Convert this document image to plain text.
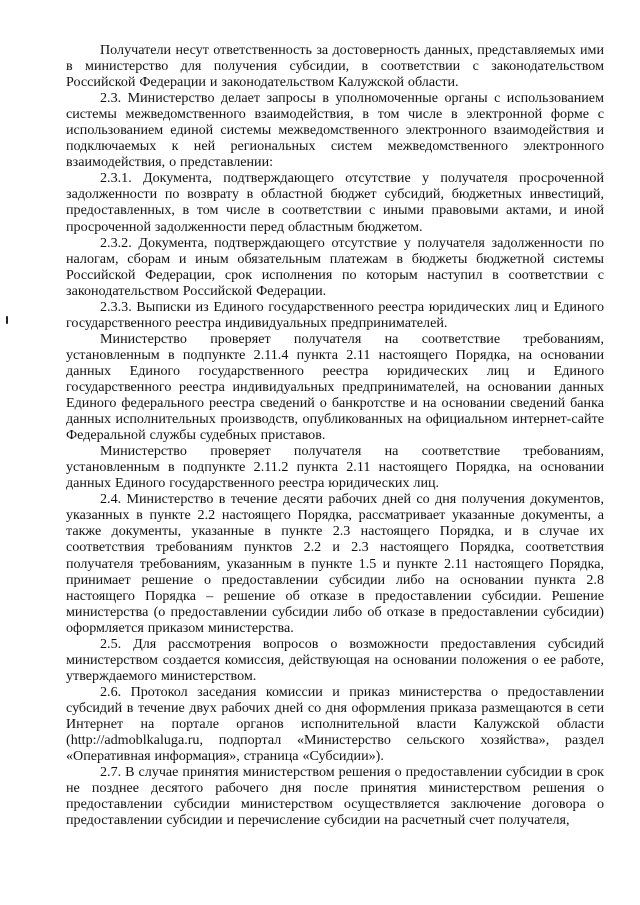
Получатели несут ответственность за достоверность данных, представляемых ими в министерство для получения субсидии, в соответствии с законодательством Российской Федерации и законодательством Калужской области.

2.3. Министерство делает запросы в уполномоченные органы с использованием системы межведомственного взаимодействия, в том числе в электронной форме с использованием единой системы межведомственного электронного взаимодействия и подключаемых к ней региональных систем межведомственного электронного взаимодействия, о представлении:

2.3.1. Документа, подтверждающего отсутствие у получателя просроченной задолженности по возврату в областной бюджет субсидий, бюджетных инвестиций, предоставленных, в том числе в соответствии с иными правовыми актами, и иной просроченной задолженности перед областным бюджетом.

2.3.2. Документа, подтверждающего отсутствие у получателя задолженности по налогам, сборам и иным обязательным платежам в бюджеты бюджетной системы Российской Федерации, срок исполнения по которым наступил в соответствии с законодательством Российской Федерации.

2.3.3. Выписки из Единого государственного реестра юридических лиц и Единого государственного реестра индивидуальных предпринимателей.

Министерство проверяет получателя на соответствие требованиям, установленным в подпункте 2.11.4 пункта 2.11 настоящего Порядка, на основании данных Единого государственного реестра юридических лиц и Единого государственного реестра индивидуальных предпринимателей, на основании данных Единого федерального реестра сведений о банкротстве и на основании сведений банка данных исполнительных производств, опубликованных на официальном интернет-сайте Федеральной службы судебных приставов.

Министерство проверяет получателя на соответствие требованиям, установленным в подпункте 2.11.2 пункта 2.11 настоящего Порядка, на основании данных Единого государственного реестра юридических лиц.

2.4. Министерство в течение десяти рабочих дней со дня получения документов, указанных в пункте 2.2 настоящего Порядка, рассматривает указанные документы, а также документы, указанные в пункте 2.3 настоящего Порядка, и в случае их соответствия требованиям пунктов 2.2 и 2.3 настоящего Порядка, соответствия получателя требованиям, указанным в пункте 1.5 и пункте 2.11 настоящего Порядка, принимает решение о предоставлении субсидии либо на основании пункта 2.8 настоящего Порядка – решение об отказе в предоставлении субсидии. Решение министерства (о предоставлении субсидии либо об отказе в предоставлении субсидии) оформляется приказом министерства.

2.5. Для рассмотрения вопросов о возможности предоставления субсидий министерством создается комиссия, действующая на основании положения о ее работе, утверждаемого министерством.

2.6. Протокол заседания комиссии и приказ министерства о предоставлении субсидий в течение двух рабочих дней со дня оформления приказа размещаются в сети Интернет на портале органов исполнительной власти Калужской области (http://admoblkaluga.ru, подпортал «Министерство сельского хозяйства», раздел «Оперативная информация», страница «Субсидии»).

2.7. В случае принятия министерством решения о предоставлении субсидии в срок не позднее десятого рабочего дня после принятия министерством решения о предоставлении субсидии министерством осуществляется заключение договора о предоставлении субсидии и перечисление субсидии на расчетный счет получателя,
